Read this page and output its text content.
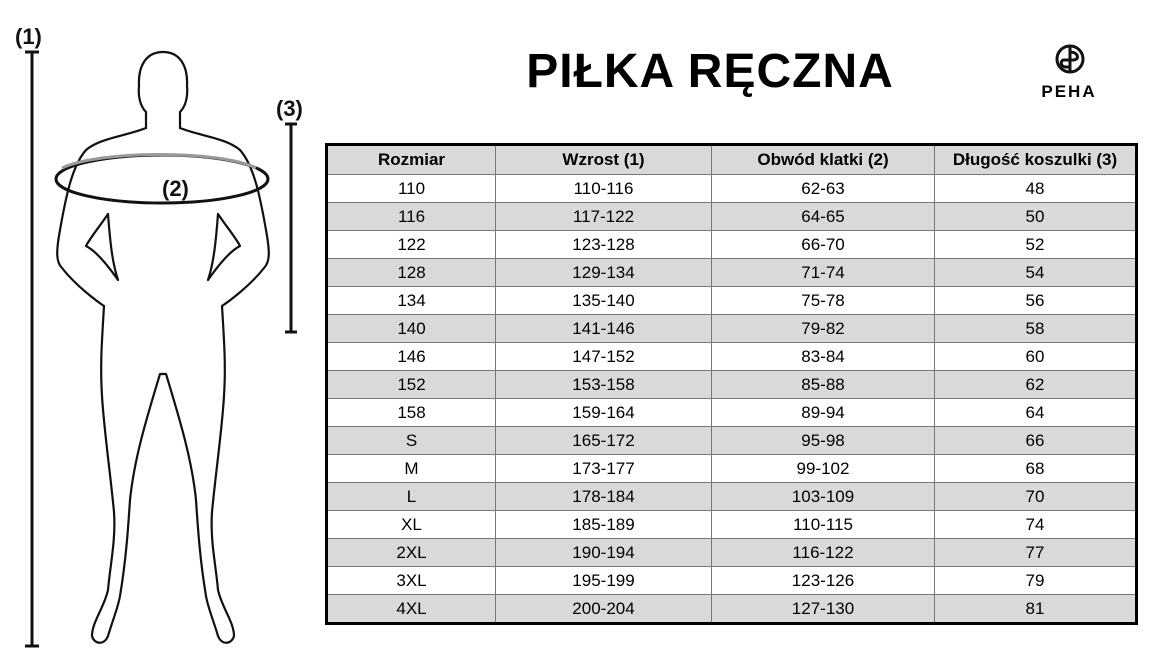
(1)
(2)
(3)
PIŁKA RĘCZNA	PEHA
Rozmiar	Wzrost (1)	Obwód klatki (2)	Długość koszulki (3)
110	110-116	62-63	48
116	117-122	64-65	50
122	123-128	66-70	52
128	129-134	71-74	54
134	135-140	75-78	56
140	141-146	79-82	58
146	147-152	83-84	60
152	153-158	85-88	62
158	159-164	89-94	64
S	165-172	95-98	66
M	173-177	99-102	68
L	178-184	103-109	70
XL	185-189	110-115	74
2XL	190-194	116-122	77
3XL	195-199	123-126	79
4XL	200-204	127-130	81
